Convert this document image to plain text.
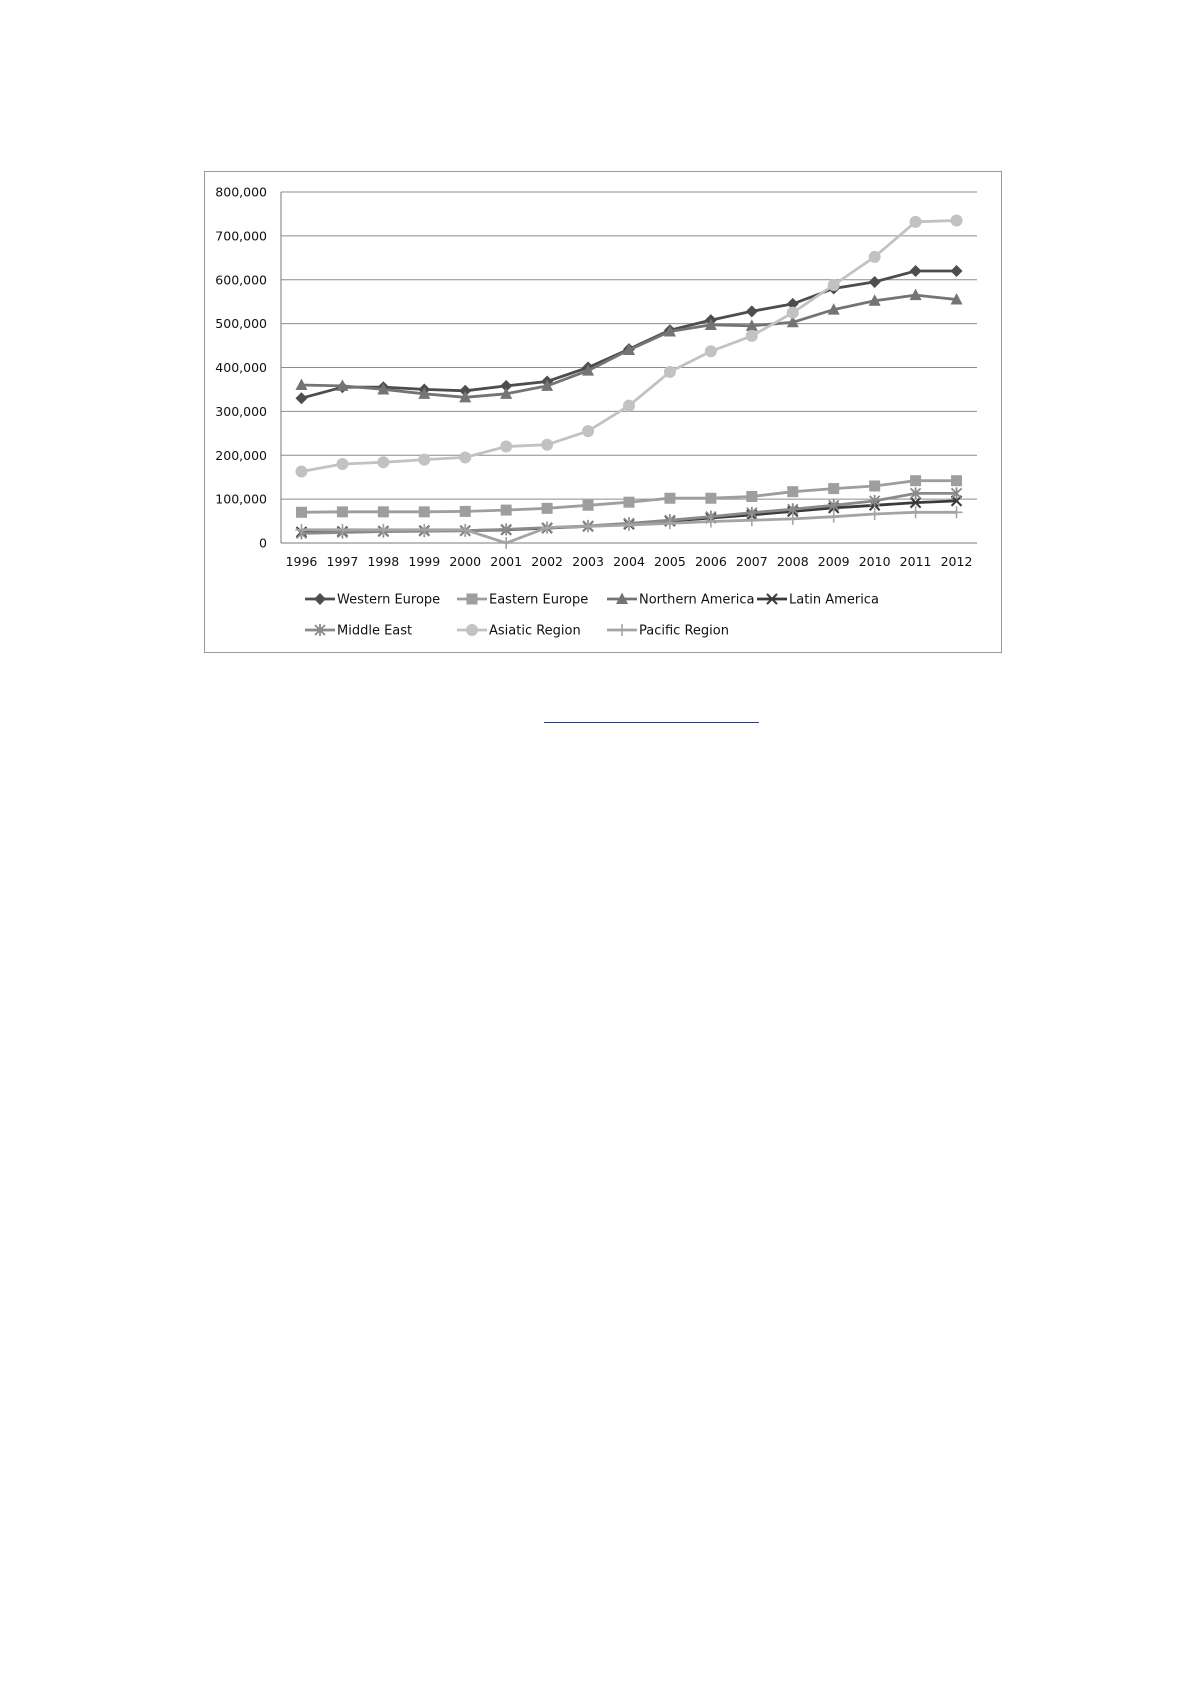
0
100,000
200,000
300,000
400,000
500,000
600,000
700,000
800,000
1996 1997 1998 1999 2000 2001 2002 2003 2004 2005 2006 2007 2008 2009 2010 2011 2012
Western Europe	Eastern Europe	Northern America	Latin America
Middle East	Asiatic Region	Pacific Region
